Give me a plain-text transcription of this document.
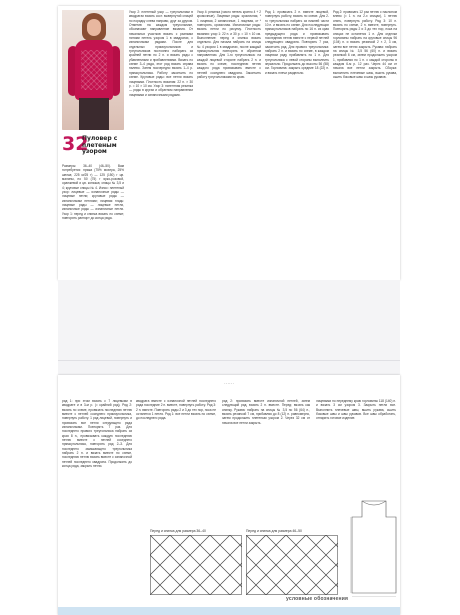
32
Пуловер с плетеным узором
Размеры: 36–40 (46–50). Вам потребуется: пряжа (75% мохера, 25% шелка; 225 м/25 г) — 125 (150) г цв. малины, по 50 (75) г ярко-розовой, оранжевой и цв. коньяка; спицы № 3,5 и 4; круговые спицы № 4. Износ: плетеный узор: лицевые — изнаночные ряды — лицевые петли; круговые ряды — изнаночными петлями; лицевая гладь: лицевые ряды — лицевые петли, изнаночные ряды — изнаночные петли. Узор 1: перед и спинка вязать по схеме; повторять раппорт до конца ряда.
Узор 2: плетеный узор — треугольники в квадратах вязать сост. вывернутой спицей по порядку слева направо, друг за другом. Отметив на каждом треугольнике, обозначают направление вязания. От начальных участков вязать с разными нитями петель узором 1 в квадратах, с изнаночными рядами. После для отдельных прямоугольников и треугольников постоянно набирать из крайней петли по 2 п. и вязать ряды с убавлениями и прибавлениями. Вязать по схеме 3–4 ряда, этот ряд вязать справа налево. Затем поочередно вязать 1–4 р. прямоугольника. Работу закончить по схеме. Круговые ряды: все петли вязать лицевыми. Плотность вязания: 22 п. × 30 р. = 10 × 10 см. Узор 3: патентная резинка — ряды в кругах и обратном направлении лицевыми и изнаночными рядами.
Узор 4: резинка (число петель кратно 4 + 2 кромочные). Лицевые ряды: кромочная, * 1 лицевая, 2 изнаночные, 1 лицевая, от * повторять, кромочная. Изнаночные ряды: вязать петли по рисунку. Плотность вязания: узор 1: 22 п. и 30 р. = 10 × 10 см. Выполнение: перед и спинка вязать отдельно. Для начала набрать на спицы № 4 узором 1 в квадратах, после каждый прямоугольник повторять в обратном направлении. Для 1-го треугольника: на каждой лицевой стороне набрать 2 п. и вязать по схеме, последнюю петлю каждого ряда провязывать вместе с петлей соседнего квадрата. Закончить работу треугольниками по краю.
Ряд 1: провязать 2 п. вместе лицевой, повернуть работу, вязать по схеме. Для 2-го треугольника набрать из нижней части 10 п. и вязать по схеме. Для последующих прямоугольников набрать по 16 п. из края предыдущего ряда и провязывать последнюю петлю вместе с первой петлей следующего квадрата. Повторять 7 раз, закончить ряд. Для правого треугольника: набрать 2 п. и вязать по схеме, в каждом лицевом ряду прибавлять по 1 п. Для треугольника с левой стороны выполнить зеркально. Продолжать до высоты 56 (58) см. Горловина: закрыть средние 18 (22) п. и вязать плечи раздельно.
Ряд 2: провязать 12 раз петлю с наклоном влево (= 1 п. на 2-х спицах), 1 петлю снять, повернуть работу. Ряд 3: 10 п. вязать по схеме, 2 п. вместе, повернуть. Повторять ряды 2 и 3 до тех пор, пока на спицах не останется 1 п. Для отделки горловины набрать на круговые спицы 96 (104) п. и вязать резинкой 2 × 2, 3 см, затем все петли закрыть. Рукава: набрать на спицы № 3,5 56 (60) п. и вязать резинкой 6 см, затем продолжить узором 1, прибавляя по 1 п. с каждой стороны в каждом 6-м р. 12 раз. Через 44 см от начала все петли закрыть. Сборка: выполнить плечевые швы, вшить рукава, сшить боковые швы и швы рукавов.
······
ряд 1: при этом вязать с 7 лицевыми в квадрате и в 3-м р. (= крайний ряд). Ряд 2: вязать по схеме, провязать последнюю петлю вместе с петлей соседнего прямоугольника, повернуть работу. 1 ряд лицевой, повернуть и провязать все петли следующего ряда изнаночными. Повторять 7 раз. Для последнего правого треугольника набрать из края 8 п., провязывать каждую последнюю петлю вместе с петлей соседнего прямоугольника, повторять ряд 2–3. Для последнего замыкающего треугольника набрать 2 п. и вязать вместе по схеме, последнюю петлю вязать вместе с изнаночной петлей последнего квадрата. Продолжить до конца ряда, закрыть петли.
квадрата вместе с изнаночной петлей последнего ряда последние 2 п. вместе, повернуть работу. Ряд 3: 2 п. вместе. Повторять ряды 2 и 3 до тех пор, пока не останется 1 петля. Ряд 1: все петли вязать по схеме, до последнего ряда.
ряд 2: провязать вместе изнаночной петлей, затем следующий ряд, вязать 2 п. вместе. Перед: вязать как спинку. Рукава: набрать на спицы № 3,5 по 56 (64) п., вязать резинкой 7 см, прибавляя до 8 (12) п. равномерно, затем продолжить плетеным узором 2. Через 32 см от начала все петли закрыть.
лицевыми по переднему краю горловины 118 (140) п. и вязать 3 см узором 3. Закрыть петли все. Выполнить плечевые швы, вшить рукава, сшить боковые швы и швы рукавов. Все швы обработать, отпарить готовое изделие.
Перед и спинка для размера 36–40	Перед и спинка для размера 46–50
условные обозначения
